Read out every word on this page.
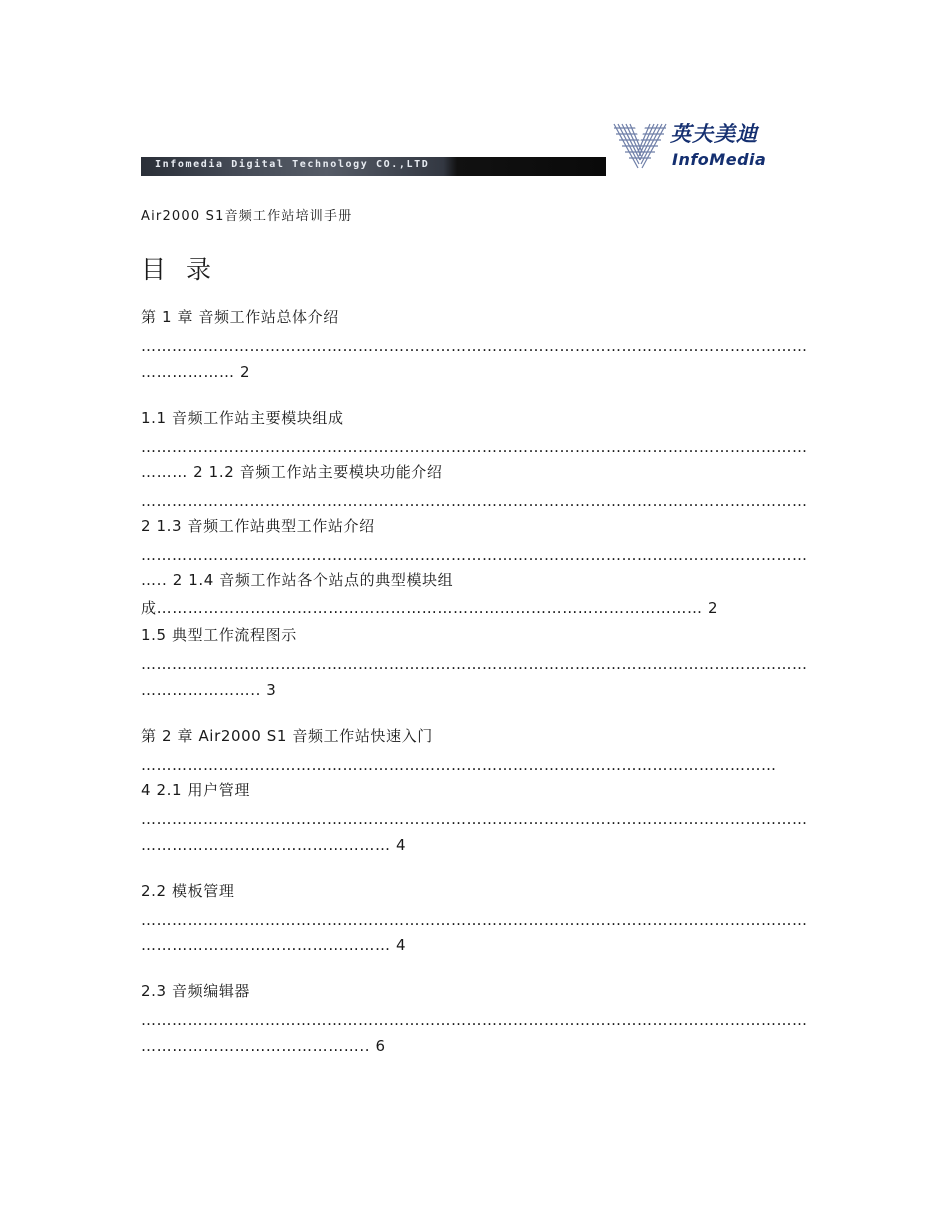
Infomedia Digital Technology CO.,LTD
英夫美迪
InfoMedia
Air2000 S1音频工作站培训手册
目 录
第 1 章 音频工作站总体介绍
…………………………………………………………………………………………………………………
……………… 2
1.1 音频工作站主要模块组成
…………………………………………………………………………………………………………………
……… 2 1.2 音频工作站主要模块功能介绍
…………………………………………………………………………………………………………………
2 1.3 音频工作站典型工作站介绍
…………………………………………………………………………………………………………………
….. 2 1.4 音频工作站各个站点的典型模块组
成…………………………………………………………………………………………… 2
1.5 典型工作流程图示
…………………………………………………………………………………………………………………
………………….. 3
第 2 章 Air2000 S1 音频工作站快速入门
……………………………………………………………………………………………………………
4 2.1 用户管理
…………………………………………………………………………………………………………………
………………………………………… 4
2.2 模板管理
…………………………………………………………………………………………………………………
………………………………………… 4
2.3 音频编辑器
…………………………………………………………………………………………………………………
…………………………………….. 6
